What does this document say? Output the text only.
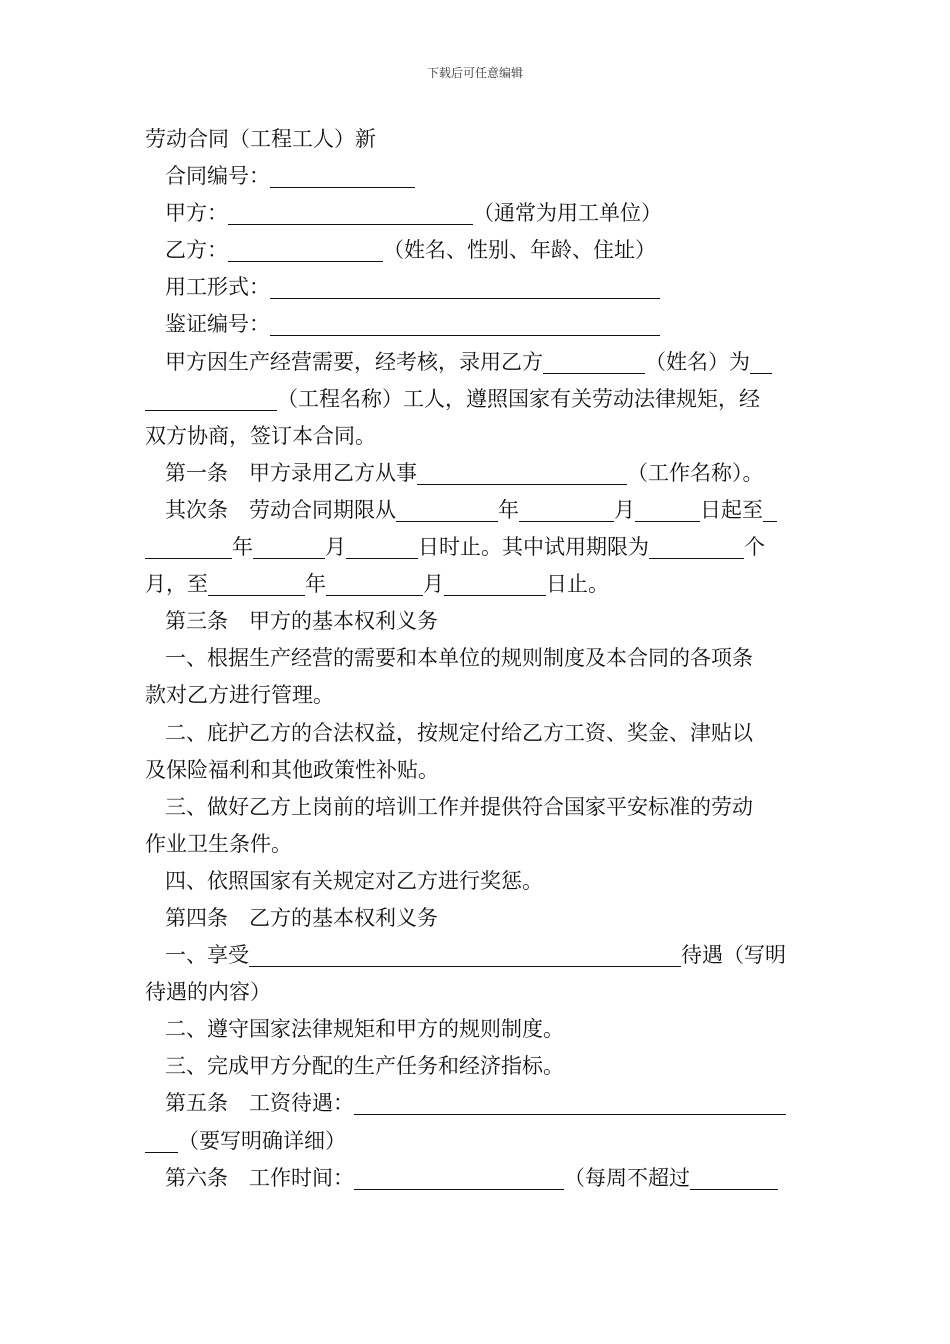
下载后可任意编辑
劳动合同（工程工人）新
合同编号：
甲方：	（通常为用工单位）
乙方：	（姓名、性别、年龄、住址）
用工形式：
鉴证编号：
甲方因生产经营需要，经考核，录用乙方	（姓名）为
（工程名称）工人，遵照国家有关劳动法律规矩，经
双方协商，签订本合同。
第一条　甲方录用乙方从事	（工作名称）。
其次条　劳动合同期限从	年	月	日起至
年	月	日时止。其中试用期限为	个
月，至	年	月	日止。
第三条　甲方的基本权利义务
一、根据生产经营的需要和本单位的规则制度及本合同的各项条
款对乙方进行管理。
二、庇护乙方的合法权益，按规定付给乙方工资、奖金、津贴以
及保险福利和其他政策性补贴。
三、做好乙方上岗前的培训工作并提供符合国家平安标准的劳动
作业卫生条件。
四、依照国家有关规定对乙方进行奖惩。
第四条　乙方的基本权利义务
一、享受	待遇（写明
待遇的内容）
二、遵守国家法律规矩和甲方的规则制度。
三、完成甲方分配的生产任务和经济指标。
第五条　工资待遇：
（要写明确详细）
第六条　工作时间：	（每周不超过
